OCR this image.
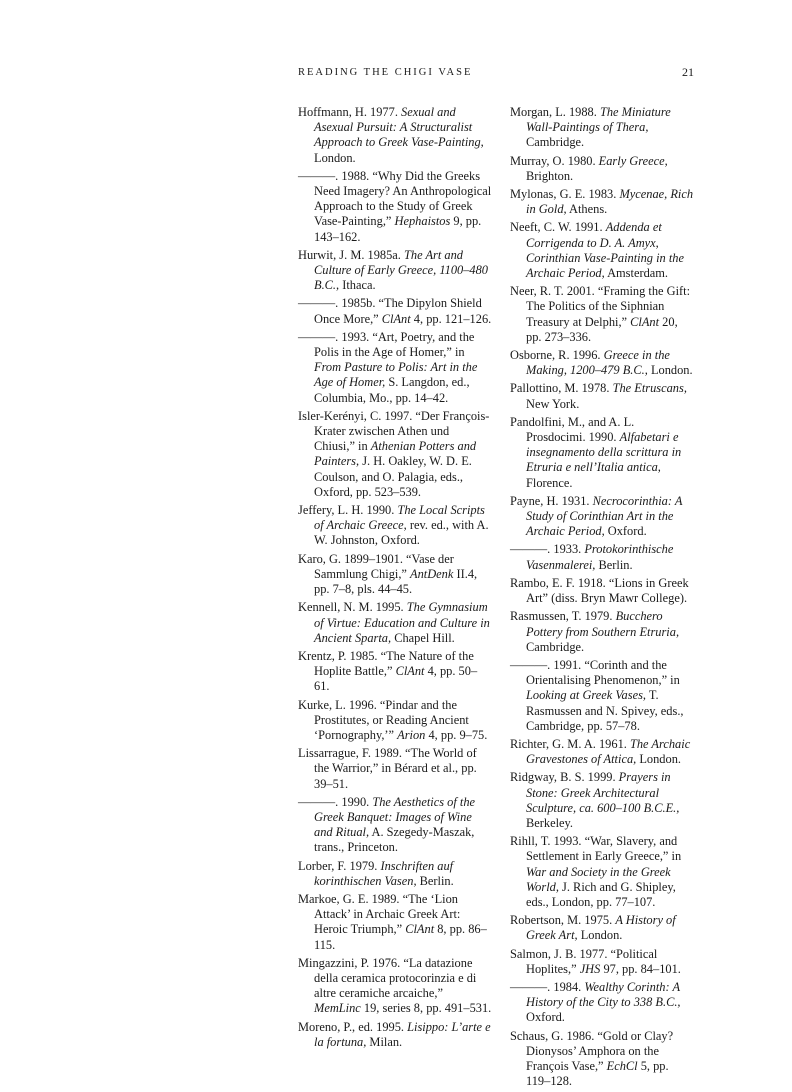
READING THE CHIGI VASE	21
Hoffmann, H. 1977. Sexual and Asexual Pursuit: A Structuralist Approach to Greek Vase-Painting, London.
———. 1988. “Why Did the Greeks Need Imagery? An Anthropological Approach to the Study of Greek Vase-Painting,” Hephaistos 9, pp. 143–162.
Hurwit, J. M. 1985a. The Art and Culture of Early Greece, 1100–480 B.C., Ithaca.
———. 1985b. “The Dipylon Shield Once More,” ClAnt 4, pp. 121–126.
———. 1993. “Art, Poetry, and the Polis in the Age of Homer,” in From Pasture to Polis: Art in the Age of Homer, S. Langdon, ed., Columbia, Mo., pp. 14–42.
Isler-Kerényi, C. 1997. “Der François-Krater zwischen Athen und Chiusi,” in Athenian Potters and Painters, J. H. Oakley, W. D. E. Coulson, and O. Palagia, eds., Oxford, pp. 523–539.
Jeffery, L. H. 1990. The Local Scripts of Archaic Greece, rev. ed., with A. W. Johnston, Oxford.
Karo, G. 1899–1901. “Vase der Sammlung Chigi,” AntDenk II.4, pp. 7–8, pls. 44–45.
Kennell, N. M. 1995. The Gymnasium of Virtue: Education and Culture in Ancient Sparta, Chapel Hill.
Krentz, P. 1985. “The Nature of the Hoplite Battle,” ClAnt 4, pp. 50–61.
Kurke, L. 1996. “Pindar and the Prostitutes, or Reading Ancient ‘Pornography,’” Arion 4, pp. 9–75.
Lissarrague, F. 1989. “The World of the Warrior,” in Bérard et al., pp. 39–51.
———. 1990. The Aesthetics of the Greek Banquet: Images of Wine and Ritual, A. Szegedy-Maszak, trans., Princeton.
Lorber, F. 1979. Inschriften auf korinthischen Vasen, Berlin.
Markoe, G. E. 1989. “The ‘Lion Attack’ in Archaic Greek Art: Heroic Triumph,” ClAnt 8, pp. 86–115.
Mingazzini, P. 1976. “La datazione della ceramica protocorinzia e di altre ceramiche arcaiche,” MemLinc 19, series 8, pp. 491–531.
Moreno, P., ed. 1995. Lisippo: L’arte e la fortuna, Milan.
Morgan, L. 1988. The Miniature Wall-Paintings of Thera, Cambridge.
Murray, O. 1980. Early Greece, Brighton.
Mylonas, G. E. 1983. Mycenae, Rich in Gold, Athens.
Neeft, C. W. 1991. Addenda et Corrigenda to D. A. Amyx, Corinthian Vase-Painting in the Archaic Period, Amsterdam.
Neer, R. T. 2001. “Framing the Gift: The Politics of the Siphnian Treasury at Delphi,” ClAnt 20, pp. 273–336.
Osborne, R. 1996. Greece in the Making, 1200–479 B.C., London.
Pallottino, M. 1978. The Etruscans, New York.
Pandolfini, M., and A. L. Prosdocimi. 1990. Alfabetari e insegnamento della scrittura in Etruria e nell’Italia antica, Florence.
Payne, H. 1931. Necrocorinthia: A Study of Corinthian Art in the Archaic Period, Oxford.
———. 1933. Protokorinthische Vasenmalerei, Berlin.
Rambo, E. F. 1918. “Lions in Greek Art” (diss. Bryn Mawr College).
Rasmussen, T. 1979. Bucchero Pottery from Southern Etruria, Cambridge.
———. 1991. “Corinth and the Orientalising Phenomenon,” in Looking at Greek Vases, T. Rasmussen and N. Spivey, eds., Cambridge, pp. 57–78.
Richter, G. M. A. 1961. The Archaic Gravestones of Attica, London.
Ridgway, B. S. 1999. Prayers in Stone: Greek Architectural Sculpture, ca. 600–100 B.C.E., Berkeley.
Rihll, T. 1993. “War, Slavery, and Settlement in Early Greece,” in War and Society in the Greek World, J. Rich and G. Shipley, eds., London, pp. 77–107.
Robertson, M. 1975. A History of Greek Art, London.
Salmon, J. B. 1977. “Political Hoplites,” JHS 97, pp. 84–101.
———. 1984. Wealthy Corinth: A History of the City to 338 B.C., Oxford.
Schaus, G. 1986. “Gold or Clay? Dionysos’ Amphora on the François Vase,” EchCl 5, pp. 119–128.
